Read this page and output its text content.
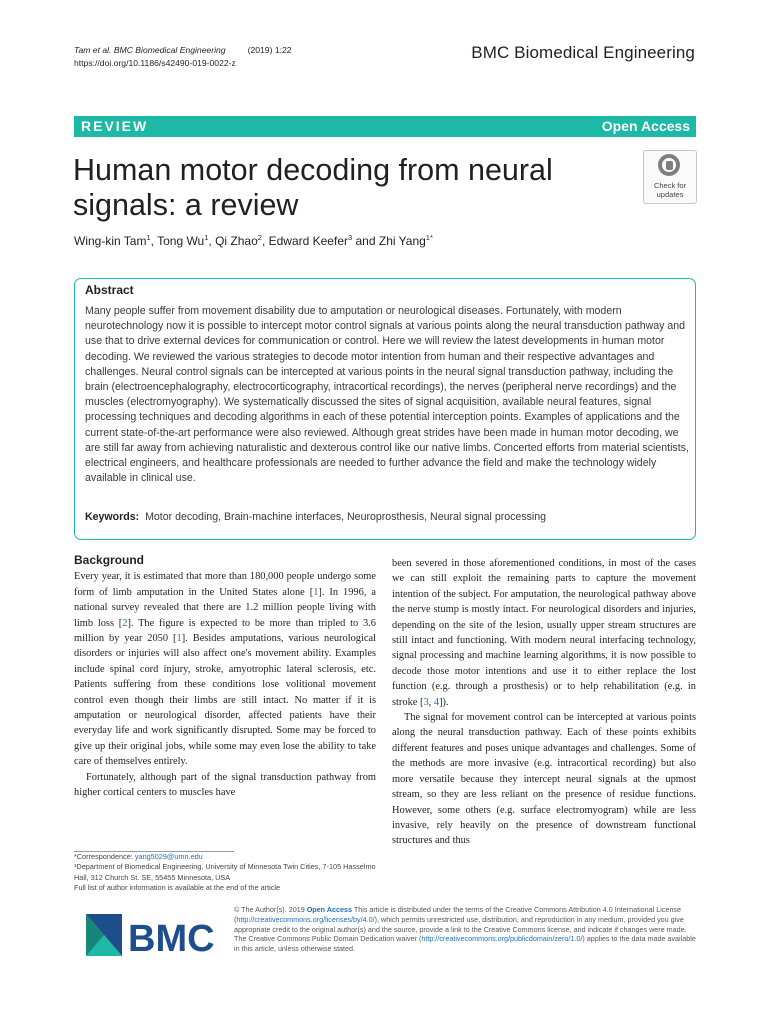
Tam et al. BMC Biomedical Engineering	(2019) 1:22
https://doi.org/10.1186/s42490-019-0022-z
BMC Biomedical Engineering
REVIEW	Open Access
Human motor decoding from neural signals: a review
Check for
updates
Wing-kin Tam$^1$, Tong Wu$^1$, Qi Zhao$^2$, Edward Keefer$^3$ and Zhi Yang$^{1*}$
Abstract
Many people suffer from movement disability due to amputation or neurological diseases. Fortunately, with modern neurotechnology now it is possible to intercept motor control signals at various points along the neural transduction pathway and use that to drive external devices for communication or control. Here we will review the latest developments in human motor decoding. We reviewed the various strategies to decode motor intention from human and their respective advantages and challenges. Neural control signals can be intercepted at various points in the neural signal transduction pathway, including the brain (electroencephalography, electrocorticography, intracortical recordings), the nerves (peripheral nerve recordings) and the muscles (electromyography). We systematically discussed the sites of signal acquisition, available neural features, signal processing techniques and decoding algorithms in each of these potential interception points. Examples of applications and the current state-of-the-art performance were also reviewed. Although great strides have been made in human motor decoding, we are still far away from achieving naturalistic and dexterous control like our native limbs. Concerted efforts from material scientists, electrical engineers, and healthcare professionals are needed to further advance the field and make the technology widely available in clinical use.
Keywords: Motor decoding, Brain-machine interfaces, Neuroprosthesis, Neural signal processing
Background

Every year, it is estimated that more than 180,000 people undergo some form of limb amputation in the United States alone [1]. In 1996, a national survey revealed that there are 1.2 million people living with limb loss [2]. The figure is expected to be more than tripled to 3.6 million by year 2050 [1]. Besides amputations, various neurological disorders or injuries will also affect one's movement ability. Examples include spinal cord injury, stroke, amyotrophic lateral sclerosis, etc. Patients suffering from these conditions lose volitional movement control even though their limbs are still intact. No matter if it is amputation or neurological disorder, affected patients have their everyday life and work significantly disrupted. Some may be forced to give up their original jobs, while some may even lose the ability to take care of themselves entirely.

Fortunately, although part of the signal transduction pathway from higher cortical centers to muscles have

been severed in those aforementioned conditions, in most of the cases we can still exploit the remaining parts to capture the movement intention of the subject. For amputation, the neurological pathway above the nerve stump is mostly intact. For neurological disorders and injuries, depending on the site of the lesion, usually upper stream structures are still intact and functioning. With modern neural interfacing technology, signal processing and machine learning algorithms, it is now possible to decode those motor intentions and use it to either replace the lost function (e.g. through a prosthesis) or to help rehabilitation (e.g. in stroke [3, 4]).

The signal for movement control can be intercepted at various points along the neural transduction pathway. Each of these points exhibits different features and poses unique advantages and challenges. Some of the methods are more invasive (e.g. intracortical recording) but also more versatile because they intercept neural signals at the upmost stream, so they are less reliant on the presence of residue functions. However, some others (e.g. surface electromyogram) while are less invasive, rely heavily on the presence of downstream functional structures and thus

*Correspondence: yang5029@umn.edu
¹Department of Biomedical Engineering, University of Minnesota Twin Cities, 7-105 Hasselmo Hall, 312 Church St. SE, 55455 Minnesota, USA
Full list of author information is available at the end of the article
BMC
© The Author(s). 2019 Open Access This article is distributed under the terms of the Creative Commons Attribution 4.0 International License (http://creativecommons.org/licenses/by/4.0/), which permits unrestricted use, distribution, and reproduction in any medium, provided you give appropriate credit to the original author(s) and the source, provide a link to the Creative Commons license, and indicate if changes were made. The Creative Commons Public Domain Dedication waiver (http://creativecommons.org/publicdomain/zero/1.0/) applies to the data made available in this article, unless otherwise stated.
